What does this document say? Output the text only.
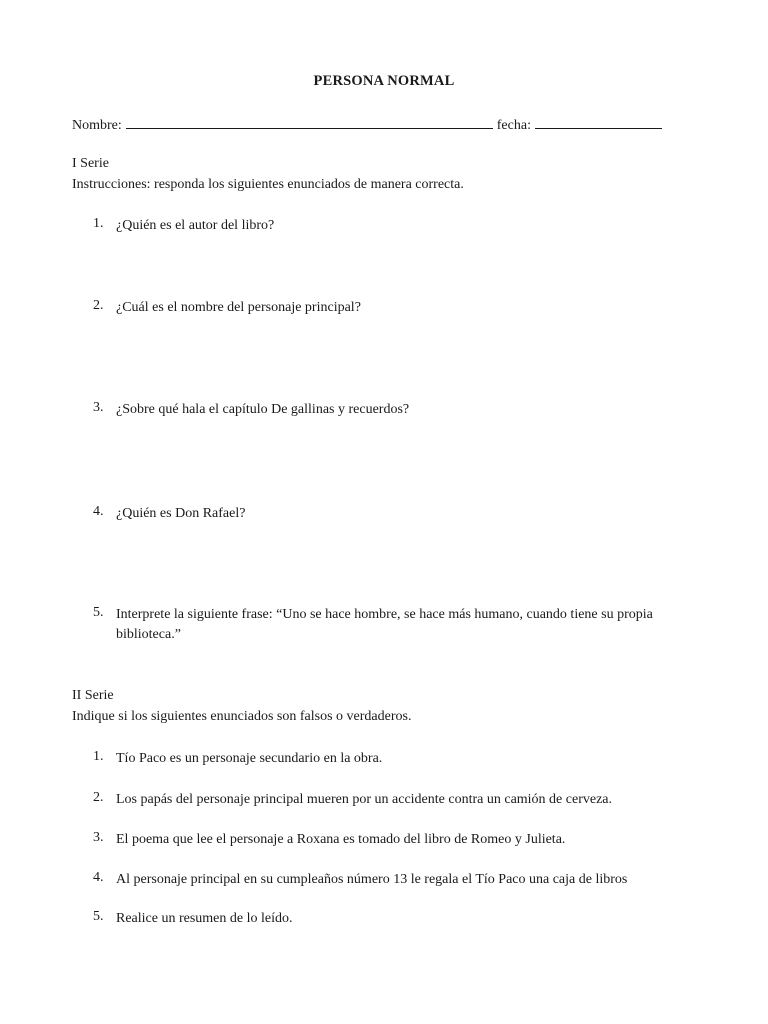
PERSONA NORMAL
Nombre:	fecha:
I Serie
Instrucciones: responda los siguientes enunciados de manera correcta.
1. ¿Quién es el autor del libro?
2. ¿Cuál es el nombre del personaje principal?
3. ¿Sobre qué hala el capítulo De gallinas y recuerdos?
4. ¿Quién es Don Rafael?
5. Interprete la siguiente frase: “Uno se hace hombre, se hace más humano, cuando tiene su propia biblioteca.”
II Serie
Indique si los siguientes enunciados son falsos o verdaderos.
1. Tío Paco es un personaje secundario en la obra.
2. Los papás del personaje principal mueren por un accidente contra un camión de cerveza.
3. El poema que lee el personaje a Roxana es tomado del libro de Romeo y Julieta.
4. Al personaje principal en su cumpleaños número 13 le regala el Tío Paco una caja de libros
5. Realice un resumen de lo leído.
